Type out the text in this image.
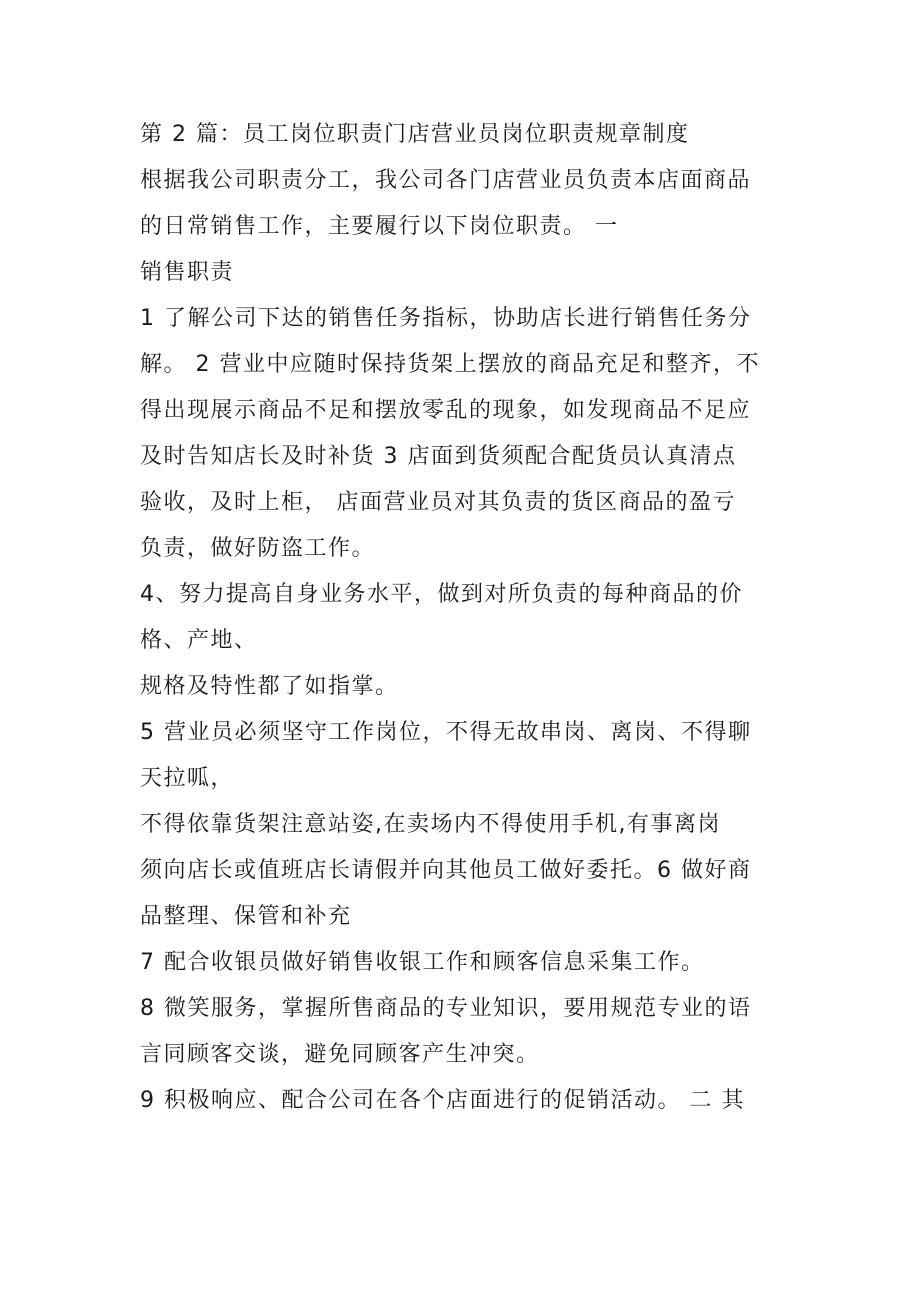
第 2 篇：员工岗位职责门店营业员岗位职责规章制度
根据我公司职责分工，我公司各门店营业员负责本店面商品
的日常销售工作，主要履行以下岗位职责。 一
销售职责
1 了解公司下达的销售任务指标，协助店长进行销售任务分
解。 2 营业中应随时保持货架上摆放的商品充足和整齐，不
得出现展示商品不足和摆放零乱的现象，如发现商品不足应
及时告知店长及时补货 3 店面到货须配合配货员认真清点
验收，及时上柜， 店面营业员对其负责的货区商品的盈亏
负责，做好防盗工作。
4、努力提高自身业务水平，做到对所负责的每种商品的价
格、产地、
规格及特性都了如指掌。
5 营业员必须坚守工作岗位，不得无故串岗、离岗、不得聊
天拉呱，
不得依靠货架注意站姿,在卖场内不得使用手机,有事离岗
须向店长或值班店长请假并向其他员工做好委托。6 做好商
品整理、保管和补充
7 配合收银员做好销售收银工作和顾客信息采集工作。
8 微笑服务，掌握所售商品的专业知识，要用规范专业的语
言同顾客交谈，避免同顾客产生冲突。
9 积极响应、配合公司在各个店面进行的促销活动。 二 其
